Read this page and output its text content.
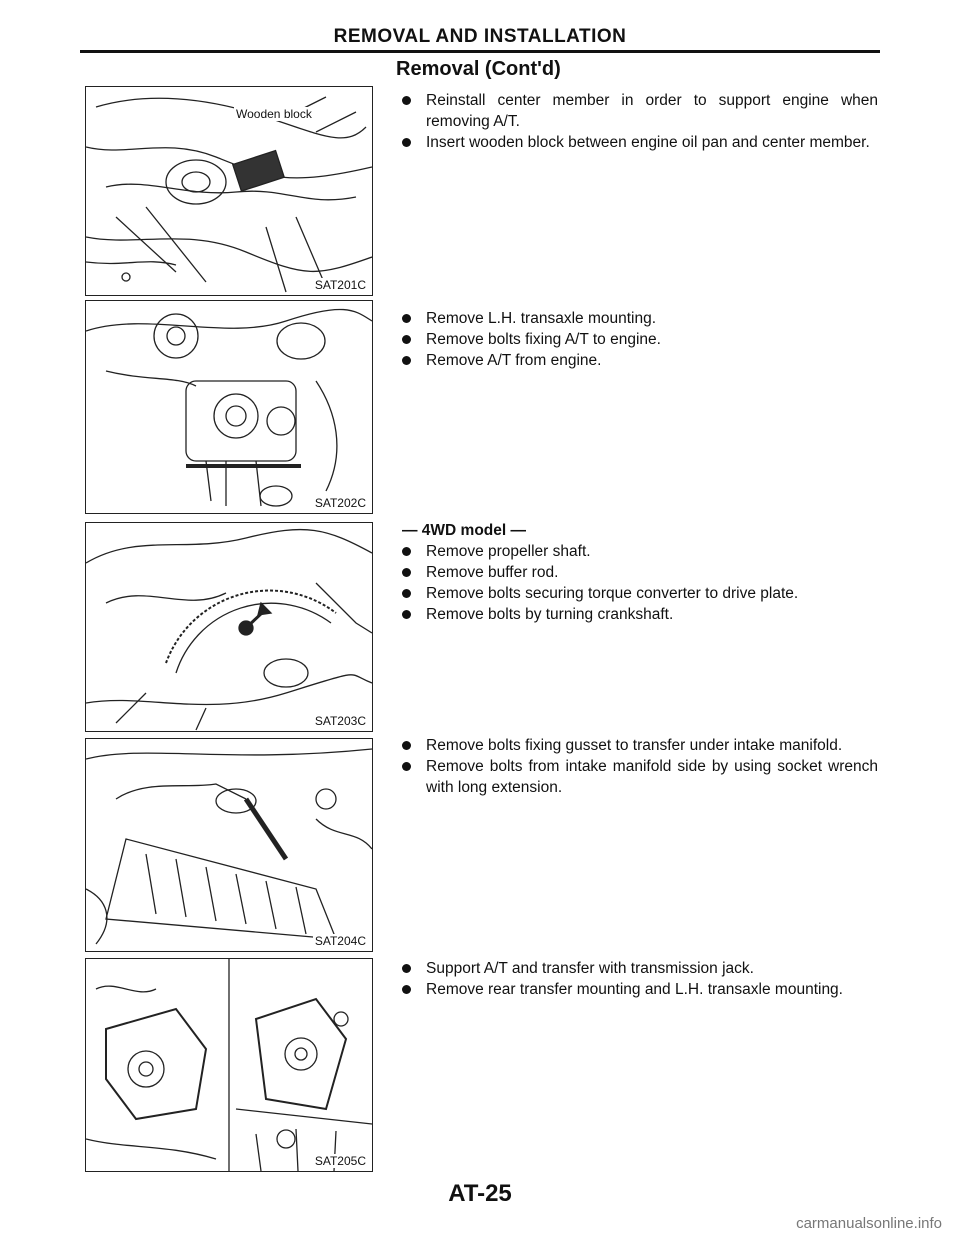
REMOVAL AND INSTALLATION
Removal (Cont'd)
Wooden block
SAT201C
SAT202C
SAT203C
SAT204C
SAT205C
Reinstall center member in order to support engine when removing A/T.
Insert wooden block between engine oil pan and center member.
Remove L.H. transaxle mounting.
Remove bolts fixing A/T to engine.
Remove A/T from engine.
— 4WD model —
Remove propeller shaft.
Remove buffer rod.
Remove bolts securing torque converter to drive plate.
Remove bolts by turning crankshaft.
Remove bolts fixing gusset to transfer under intake manifold.
Remove bolts from intake manifold side by using socket wrench with long extension.
Support A/T and transfer with transmission jack.
Remove rear transfer mounting and L.H. transaxle mounting.
AT-25
carmanualsonline.info
